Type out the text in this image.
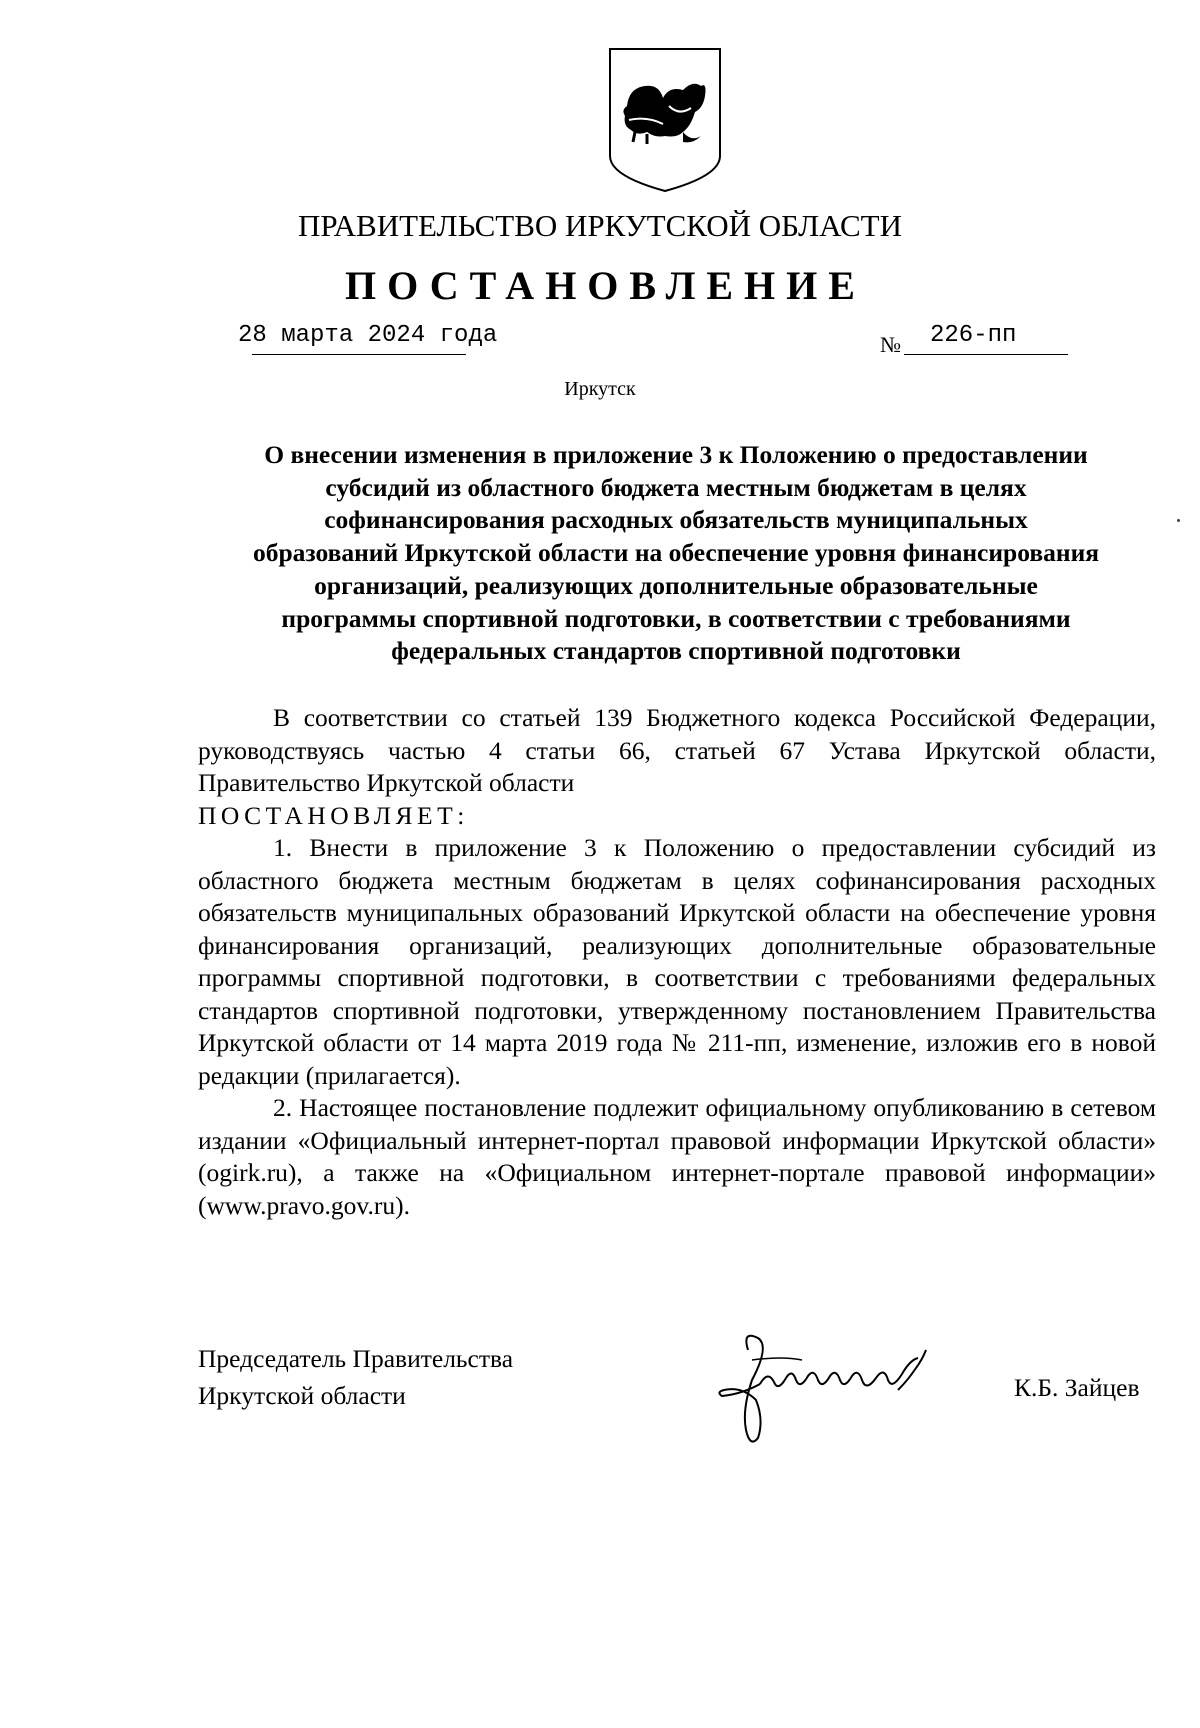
ПРАВИТЕЛЬСТВО ИРКУТСКОЙ ОБЛАСТИ
ПОСТАНОВЛЕНИЕ
28 марта 2024 года	№ 226-пп
Иркутск
О внесении изменения в приложение 3 к Положению о предоставлении
субсидий из областного бюджета местным бюджетам в целях
софинансирования расходных обязательств муниципальных
образований Иркутской области на обеспечение уровня финансирования
организаций, реализующих дополнительные образовательные
программы спортивной подготовки, в соответствии с требованиями
федеральных стандартов спортивной подготовки

В соответствии со статьей 139 Бюджетного кодекса Российской Федерации, руководствуясь частью 4 статьи 66, статьей 67 Устава Иркутской области, Правительство Иркутской области

ПОСТАНОВЛЯЕТ:

1. Внести в приложение 3 к Положению о предоставлении субсидий из областного бюджета местным бюджетам в целях софинансирования расходных обязательств муниципальных образований Иркутской области на обеспечение уровня финансирования организаций, реализующих дополнительные образовательные программы спортивной подготовки, в соответствии с требованиями федеральных стандартов спортивной подготовки, утвержденному постановлением Правительства Иркутской области от 14 марта 2019 года № 211-пп, изменение, изложив его в новой редакции (прилагается).

2. Настоящее постановление подлежит официальному опубликованию в сетевом издании «Официальный интернет-портал правовой информации Иркутской области» (ogirk.ru), а также на «Официальном интернет-портале правовой информации» (www.pravo.gov.ru).

Председатель Правительства
Иркутской области	К.Б. Зайцев
